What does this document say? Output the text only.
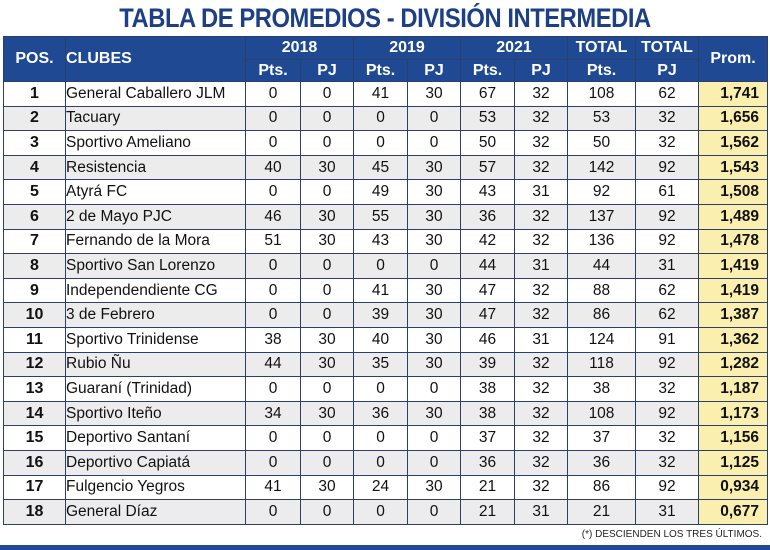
TABLA DE PROMEDIOS - DIVISIÓN INTERMEDIA
POS.	CLUBES	2018		2019		2021		TOTAL	TOTAL	Prom.
		Pts.	PJ	Pts.	PJ	Pts.	PJ	Pts.	PJ	
1	General Caballero JLM	0	0	41	30	67	32	108	62	1,741
2	Tacuary	0	0	0	0	53	32	53	32	1,656
3	Sportivo Ameliano	0	0	0	0	50	32	50	32	1,562
4	Resistencia	40	30	45	30	57	32	142	92	1,543
5	Atyrá FC	0	0	49	30	43	31	92	61	1,508
6	2 de Mayo PJC	46	30	55	30	36	32	137	92	1,489
7	Fernando de la Mora	51	30	43	30	42	32	136	92	1,478
8	Sportivo San Lorenzo	0	0	0	0	44	31	44	31	1,419
9	Independendiente CG	0	0	41	30	47	32	88	62	1,419
10	3 de Febrero	0	0	39	30	47	32	86	62	1,387
11	Sportivo Trinidense	38	30	40	30	46	31	124	91	1,362
12	Rubio Ñu	44	30	35	30	39	32	118	92	1,282
13	Guaraní (Trinidad)	0	0	0	0	38	32	38	32	1,187
14	Sportivo Iteño	34	30	36	30	38	32	108	92	1,173
15	Deportivo Santaní	0	0	0	0	37	32	37	32	1,156
16	Deportivo Capiatá	0	0	0	0	36	32	36	32	1,125
17	Fulgencio Yegros	41	30	24	30	21	32	86	92	0,934
18	General Díaz	0	0	0	0	21	31	21	31	0,677
(*) DESCIENDEN LOS TRES ÚLTIMOS.
